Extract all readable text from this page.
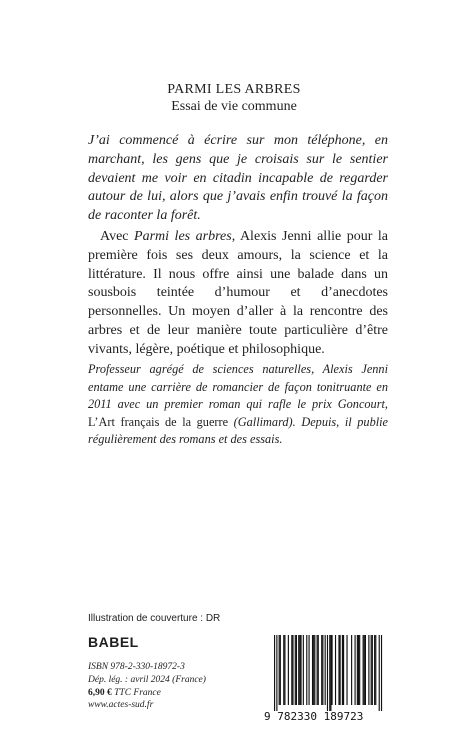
PARMI LES ARBRES
Essai de vie commune
J’ai commencé à écrire sur mon téléphone, en marchant, les gens que je croisais sur le sentier devaient me voir en citadin incapable de regarder autour de lui, alors que j’avais enfin trouvé la façon de raconter la forêt.
Avec Parmi les arbres, Alexis Jenni allie pour la première fois ses deux amours, la science et la littérature. Il nous offre ainsi une balade dans un sousbois teintée d’humour et d’anecdotes personnelles. Un moyen d’aller à la rencontre des arbres et de leur manière toute particulière d’être vivants, légère, poétique et philosophique.
Professeur agrégé de sciences naturelles, Alexis Jenni entame une carrière de romancier de façon tonitruante en 2011 avec un premier roman qui rafle le prix Goncourt, L’Art français de la guerre (Gallimard). Depuis, il publie régulièrement des romans et des essais.
Illustration de couverture : DR
BABEL
ISBN 978-2-330-18972-3
Dép. lég. : avril 2024 (France)
6,90 € TTC France
www.actes-sud.fr
9 782330 189723
